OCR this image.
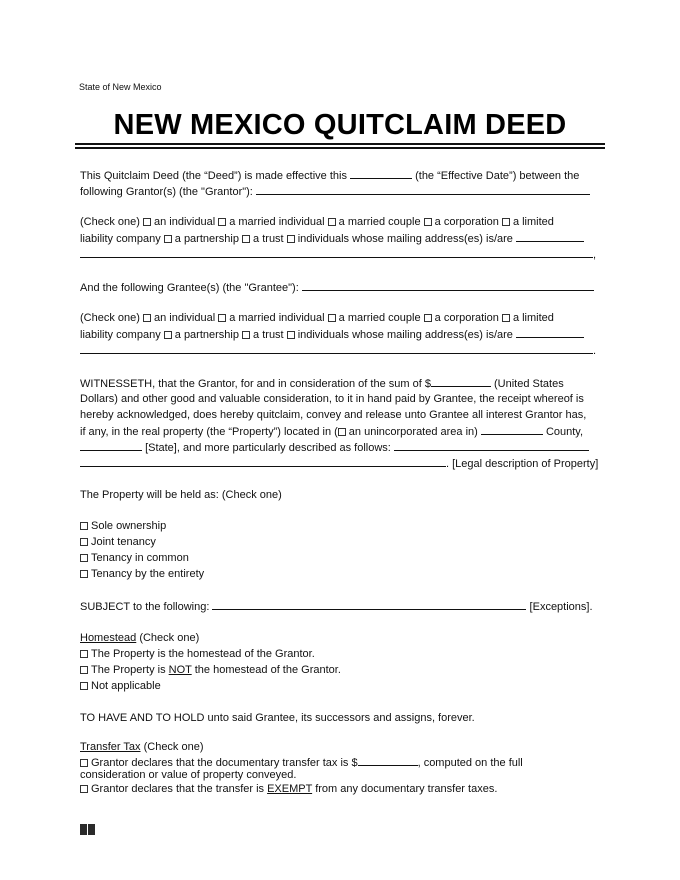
State of New Mexico
NEW MEXICO QUITCLAIM DEED
This Quitclaim Deed (the “Deed”) is made effective this	(the “Effective Date”) between the
following Grantor(s) (the "Grantor"):
(Check one) an individual a married individual a married couple a corporation a limited
liability company a partnership a trust individuals whose mailing address(es) is/are
,
And the following Grantee(s) (the "Grantee"):
(Check one) an individual a married individual a married couple a corporation a limited
liability company a partnership a trust individuals whose mailing address(es) is/are
.
WITNESSETH, that the Grantor, for and in consideration of the sum of $	(United States
Dollars) and other good and valuable consideration, to it in hand paid by Grantee, the receipt whereof is
hereby acknowledged, does hereby quitclaim, convey and release unto Grantee all interest Grantor has,
if any, in the real property (the “Property”) located in ( an unincorporated area in)	County,
[State], and more particularly described as follows:
. [Legal description of Property]
The Property will be held as: (Check one)
Sole ownership
Joint tenancy
Tenancy in common
Tenancy by the entirety
SUBJECT to the following:	[Exceptions].
Homestead (Check one)
The Property is the homestead of the Grantor.
The Property is NOT the homestead of the Grantor.
Not applicable
TO HAVE AND TO HOLD unto said Grantee, its successors and assigns, forever.
Transfer Tax (Check one)
Grantor declares that the documentary transfer tax is $	, computed on the full
consideration or value of property conveyed.
Grantor declares that the transfer is EXEMPT from any documentary transfer taxes.
